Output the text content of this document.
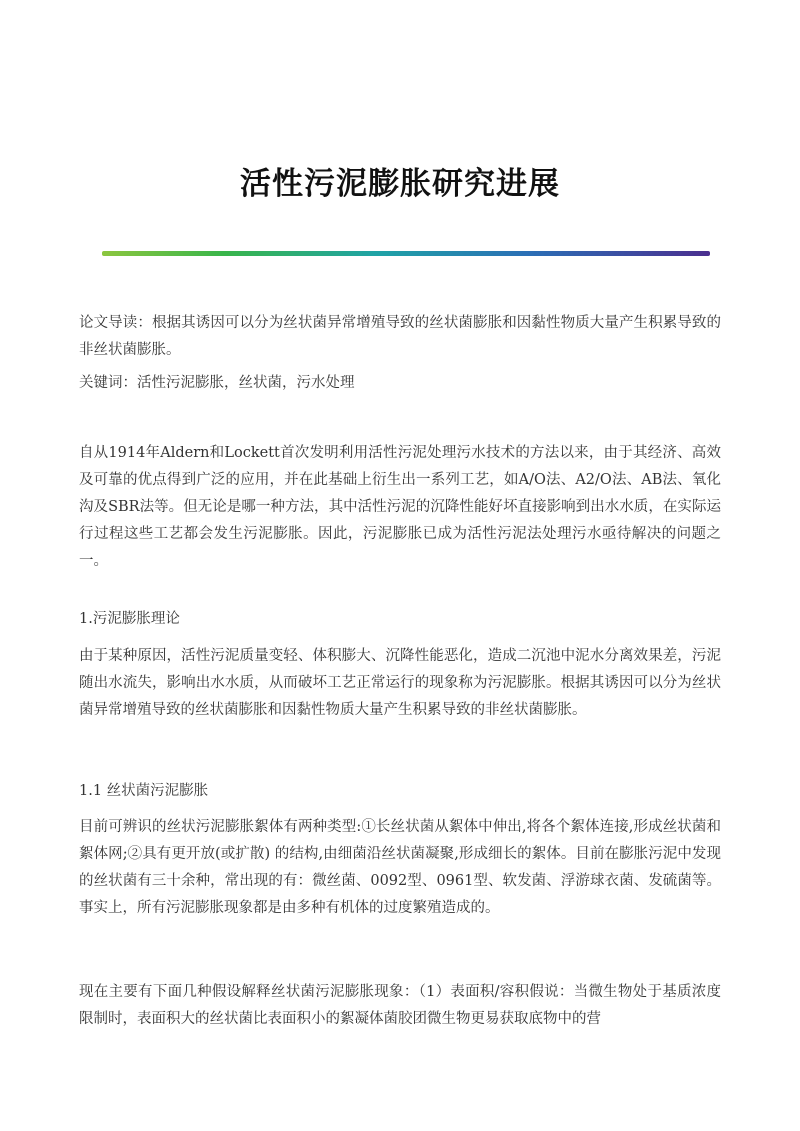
活性污泥膨胀研究进展

论文导读：根据其诱因可以分为丝状菌异常增殖导致的丝状菌膨胀和因黏性物质大量产生积累导致的非丝状菌膨胀。

关键词：活性污泥膨胀，丝状菌，污水处理

自从1914年Aldern和Lockett首次发明利用活性污泥处理污水技术的方法以来，由于其经济、高效及可靠的优点得到广泛的应用，并在此基础上衍生出一系列工艺，如A/O法、A2/O法、AB法、氧化沟及SBR法等。但无论是哪一种方法，其中活性污泥的沉降性能好坏直接影响到出水水质，在实际运行过程这些工艺都会发生污泥膨胀。因此，污泥膨胀已成为活性污泥法处理污水亟待解决的问题之一。

1.污泥膨胀理论

由于某种原因，活性污泥质量变轻、体积膨大、沉降性能恶化，造成二沉池中泥水分离效果差，污泥随出水流失，影响出水水质，从而破坏工艺正常运行的现象称为污泥膨胀。根据其诱因可以分为丝状菌异常增殖导致的丝状菌膨胀和因黏性物质大量产生积累导致的非丝状菌膨胀。

1.1 丝状菌污泥膨胀

目前可辨识的丝状污泥膨胀絮体有两种类型:①长丝状菌从絮体中伸出,将各个絮体连接,形成丝状菌和絮体网;②具有更开放(或扩散) 的结构,由细菌沿丝状菌凝聚,形成细长的絮体。目前在膨胀污泥中发现的丝状菌有三十余种，常出现的有：微丝菌、0092型、0961型、软发菌、浮游球衣菌、发硫菌等。事实上，所有污泥膨胀现象都是由多种有机体的过度繁殖造成的。

现在主要有下面几种假设解释丝状菌污泥膨胀现象：（1）表面积/容积假说：当微生物处于基质浓度限制时，表面积大的丝状菌比表面积小的絮凝体菌胶团微生物更易获取底物中的营
